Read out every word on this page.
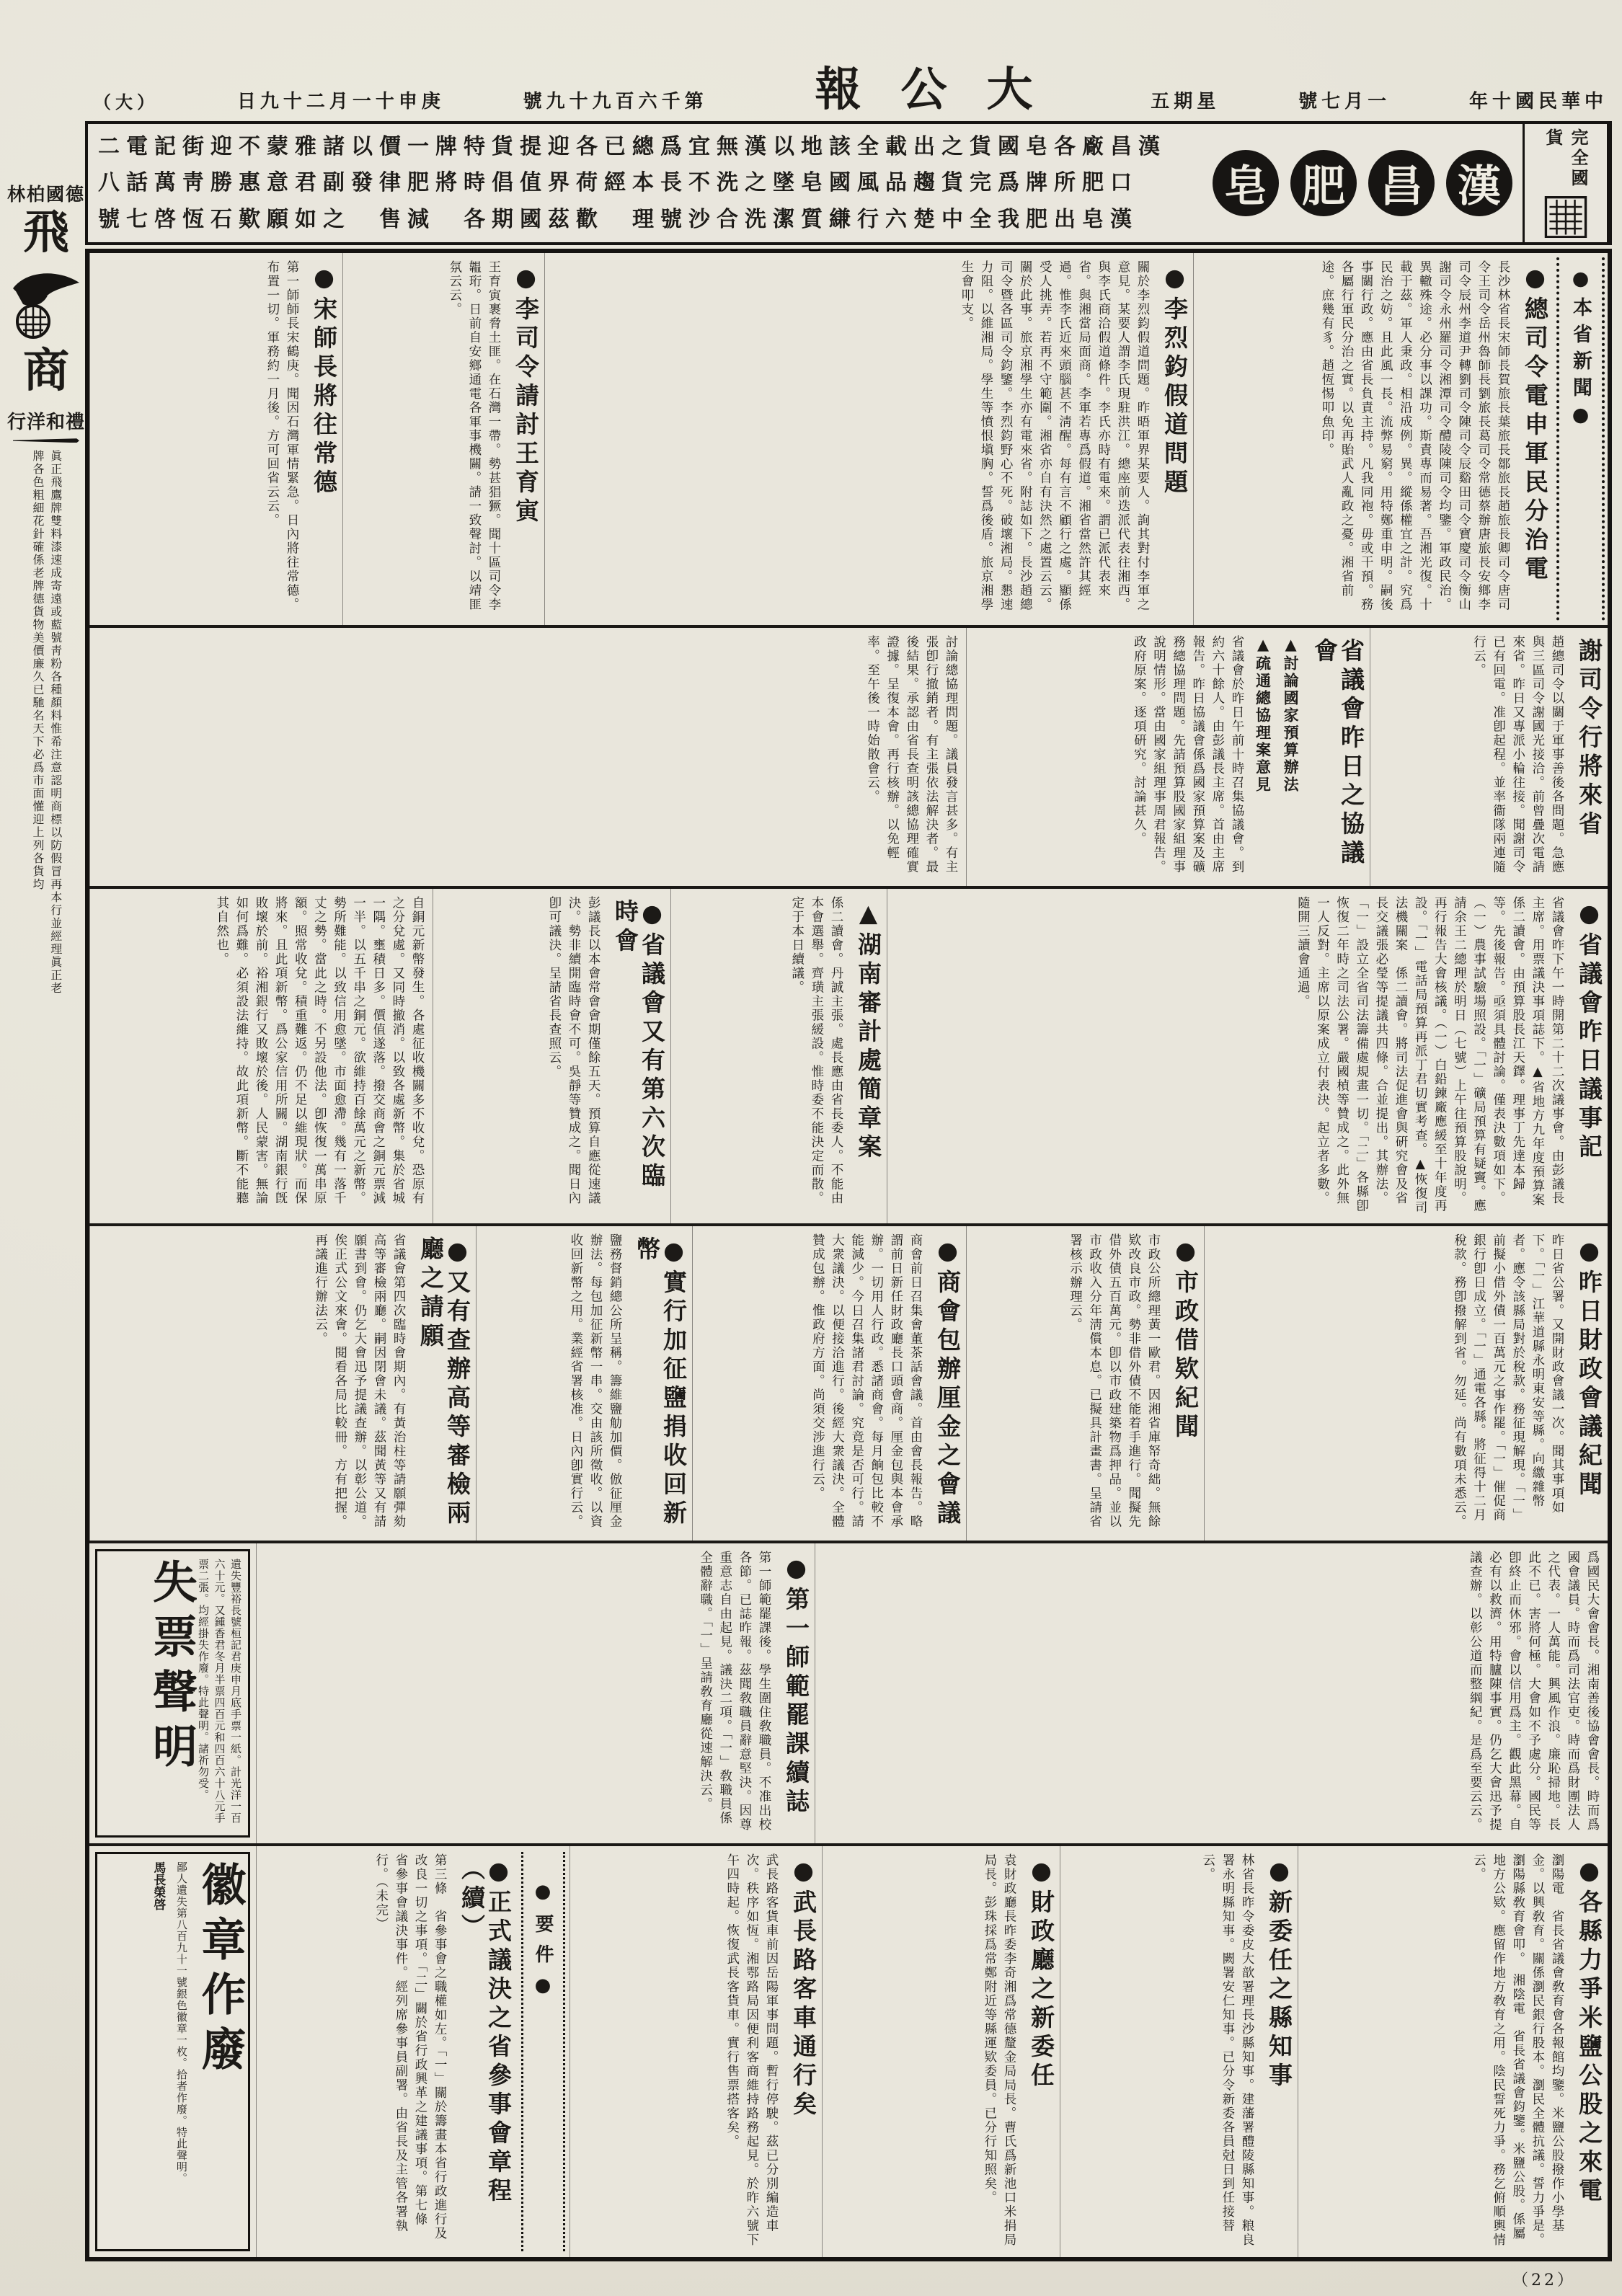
（大）	日九十二月一十申庚	號九十九百六千第	報公大	五期星	號七月一	年十國民華中
二電記街迎不蒙雅諸以價一牌特貨提迎各已總爲宜無漢以地該全載出之貨國皂各廠昌漢
八話萬靑勝惠意君副發律肥將時倡值界荷經本長不洗之墜皂國風品趨貨完爲牌所肥口
號七啓恆石歎願如之　售減　各期國茲歡　理號沙合洗潔質縑行六楚中全我肥出皂漢
漢
昌
肥
皂	完全國貨
●本省新聞●
●總司令電申軍民分治電
長沙林省長宋師長賀旅長葉旅長鄒旅長趙旅長卿司令唐司令王司令岳州魯師長劉旅長葛司令常德蔡辦唐旅長安鄉李司令辰州李道尹轉劉司令陳司令辰谿田司令寶慶司令衡山謝司令永州羅司令湘潭司令醴陵陳司令均鑒。軍政民治。異轍殊途。必分事以課功。斯責專而易著。吾湘光復。十載于茲。軍人秉政。相沿成例。異。縱係權宜之計。究爲民治之妨。且此風一長。流弊易窮。用特鄭重申明。嗣後事關行政。應由省長負責主持。凡我同袍。毋或干預。務各屬行軍民分治之實。以免再貽武人亂政之憂。湘省前途。庶幾有豸。趙恆惕叩魚印。
●李烈鈞假道問題
關於李烈鈞假道問題。昨晤軍界某要人。詢其對付李軍之意見。某要人謂李氏現駐洪江。總座前迭派代表往湘西。與李氏商洽假道條件。李氏亦時有電來。謂已派代表來省。與湘當局面商。李軍若專爲假道。湘省當然許其經過。惟李氏近來頭腦甚不淸醒。每有言不顧行之處。顯係受人挑弄。若再不守範圍。湘省亦自有決然之處置云云。關於此事。旅京湘學生亦有電來省。附誌如下。長沙趙總司令暨各區司令鈞鑒。李烈鈞野心不死。破壞湘局。懇速力阻。以維湘局。學生等憤恨塡胸。誓爲後盾。旅京湘學生會叩支。
●李司令請討王育寅
王育寅裹脅土匪。在石灣一帶。勢甚猖獗。聞十區司令李韞珩。日前自安鄉通電各軍事機關。請一致聲討。以靖匪氛云云。
●宋師長將往常德
第一師師長宋鶴庚。聞因石灣軍情緊急。日內將往常德。布置一切。軍務約一月後。方可回省云云。
謝司令行將來省
趙總司令以關于軍事善後各問題。急應與三區司令謝國光接洽。前曾疊次電請來省。昨日又專派小輪往接。聞謝司令已有回電。准卽起程。並率衞隊兩連隨行云。
省議會昨日之協議會
▲討論國家預算辦法
▲疏通總協理案意見
省議會於昨日午前十時召集協議會。到約六十餘人。由彭議長主席。首由主席報告。昨日協議會係爲國家預算案及礦務總協理問題。先請預算股國家組理事說明情形。當由國家組理事周君報告。政府原案。逐項硏究。討論甚久。
討論總協理問題。議員發言甚多。有主張卽行撤銷者。有主張依法解決者。最後結果。承認由省長查明該總協理確實證據。呈復本會。再行核辦。以免輕率。至午後一時始散會云。
●省議會昨日議事記
省議會昨下午一時開第二十二次議事會。由彭議長主席。用票議決事項誌下。▲省地方九年度預算案　係二讀會。由預算股長江天鐸。理事丁先達本歸等。先後報告。亟須具體討論。僅表決數項如下。（一）農事試驗場照設。「一」礦局預算有疑竇。應請余王二總理於明日（七號）上午往預算股說明。再行報告大會核議。（一）白鉛鍊廠應緩至十年度再設。「一」電話局預算再派丁君切實考查。▲恢復司法機關案　係二讀會。將司法促進會與硏究會及省長交議張必瑩等提議共四條。合並提出。其辦法。「一」設立全省司法籌備處規畫一切。「二」各縣卽恢復二年時之司法公署。嚴國楨等贊成之。此外無一人反對。主席以原案成立付表決。起立者多數。隨開三讀會通過。
▲湖南審計處簡章案
係二讀會。丹誠主張。處長應由省長委人。不能由本會選舉。齊璜主張緩設。惟時委不能決定而散。定于本日續議。
●省議會又有第六次臨時會
彭議長以本會常會會期僅餘五天。預算自應從速議決。勢非續開臨時會不可。吳靜等贊成之。聞日內卽可議決。呈請省長查照云。
自銅元新幣發生。各處征收機關多不收兌。恐原有之分兌處。又同時撤消。以致各處新幣。集於省城一隅。壅積日多。價值遂落。撥交商會之銅元票減一半。以五千串之銅元。欲維持百餘萬元之新幣。勢所難能。以致信用愈墜。市面愈滯。幾有一落千丈之勢。當此之時。不另設他法。卽恢復一萬串原額。照常收兌。積重難返。仍不足以維現狀。而保將來。且此項新幣。爲公家信用所關。湖南銀行旣敗壞於前。裕湘銀行又敗壞於後。人民蒙害。無論如何爲難。必須設法維持。故此項新幣。斷不能聽其自然也。
●昨日財政會議紀聞
昨日省公署。又開財政會議一次。聞其事項如下。「一」江華道縣永明東安等縣。向繳雜幣者。應令該縣局對於稅款。務征現解現。「一」前擬小借外債一百萬元之事作罷。「一」催促商銀行卽日成立。「一」通電各縣。將征得十二月稅款。務卽撥解到省。勿延。尚有數項未悉云。
●市政借欵紀聞
市政公所總理黃一歐君。因湘省庫帑奇絀。無餘欵改良市政。勢非借外債不能着手進行。聞擬先借外債五百萬元。卽以市政建築物爲押品。並以市政收入分年淸償本息。已擬具計畫書。呈請省署核示辦理云。
●商會包辦厘金之會議
商會前日召集會董茶話會議。首由會長報告。略謂前日新任財政廳長口頭會商。厘金包與本會承辦。一切用人行政。悉諸商會。每月餉包比較不能減少。今日召集諸君討論。究竟是否可行。請大衆議決。以便接洽進行。後經大衆議決。全體贊成包辦。惟政府方面。尚須交涉進行云。
●實行加征鹽捐收回新幣
鹽務督銷總公所呈稱。籌維鹽觔加價。倣征厘金辦法。每包加征新幣一串。交由該所徵收。以資收回新幣之用。業經省署核准。日內卽實行云。
●又有查辦高等審檢兩廳之請願
省議會第四次臨時會期內。有黃治柱等請願彈劾高等審檢兩廳。嗣因閉會未議。茲聞黃等又有請願書到會。仍乞大會迅予提議查辦。以彰公道。俟正式公文來會。閱看各局比較冊。方有把握。再議進行辦法云。
爲國民大會會長。湘南善後協會會長。時而爲國會議員。時而爲司法官吏。時而爲財團法人之代表。一人萬能。興風作浪。廉恥掃地。長此不已。害將何極。大會如不予處分。國民等卽終止而休邪。會以信用爲主。觀此黑幕。自必有以救濟。用特臚陳事實。仍乞大會迅予提議查辦。以彰公道而整綱紀。是爲至要云云。
●第一師範罷課續誌
第一師範罷課後。學生圍住敎職員。不准出校各節。已誌昨報。茲聞敎職員辭意堅決。因尊重意志自由起見。議決二項。「一」敎職員係全體辭職。「一」呈請敎育廳從速解決云。
遺失豐裕長號桓記君庚申月底手票一紙。計光洋一百六十元。又鍾香君冬月半票四百元和四百六十八元手票二張。均經掛失作廢。特此聲明。諸祈勿受。
失票聲明
●各縣力爭米鹽公股之來電
瀏陽電　省長省議會敎育會各報館均鑒。米鹽公股撥作小學基金。以興敎育。關係瀏民銀行股本。瀏民全體抗議。誓力爭是。瀏陽縣敎育會叩。　湘陰電　省長省議會鈞鑒。米鹽公股。係屬地方公欵。應留作地方敎育之用。陰民誓死力爭。務乞俯順輿情云。
●新委任之縣知事
林省長昨令委皮大歆署理長沙縣知事。建藩署醴陵縣知事。粮良署永明縣知事。闕署安仁知事。已分令新委各員尅日到任接替云。
●財政廳之新委任
袁財政廳長昨委李奇湘爲常德釐金局局長。曹氏爲新池口米捐局局長。彭珠採爲常鄭附近等縣運欵委員。已分行知照矣。
●武長路客車通行矣
武長路客貨車前因岳陽軍事問題。暫行停駛。茲已分別編造車次。秩序如恆。湘鄂路局因便利客商維持路務起見。於昨六號下午四時起。恢復武長客貨車。實行售票搭客矣。
●要件●
●正式議決之省參事會章程（續）
第三條　省參事會之職權如左。「一」關於籌畫本省行政進行及改良一切之事項。「二」關於省行政興革之建議事項。第七條　省參事會議決事件。經列席參事員副署。由省長及主管各署執行。（未完）
徽章作廢
鄙人遺失第八百九十一號銀色徽章一枚。拾者作廢。特此聲明。
馬長榮啓
（22）
林柏國德
飛
商
行洋和禮
眞正飛鷹牌雙料漆速成寄遠或藍號靑粉各種顏料惟希注意認明商標以防假冒再本行並經理眞正老牌各色粗細花針確係老牌德貨物美價廉久已馳名天下必爲市面懽迎上列各貨均
